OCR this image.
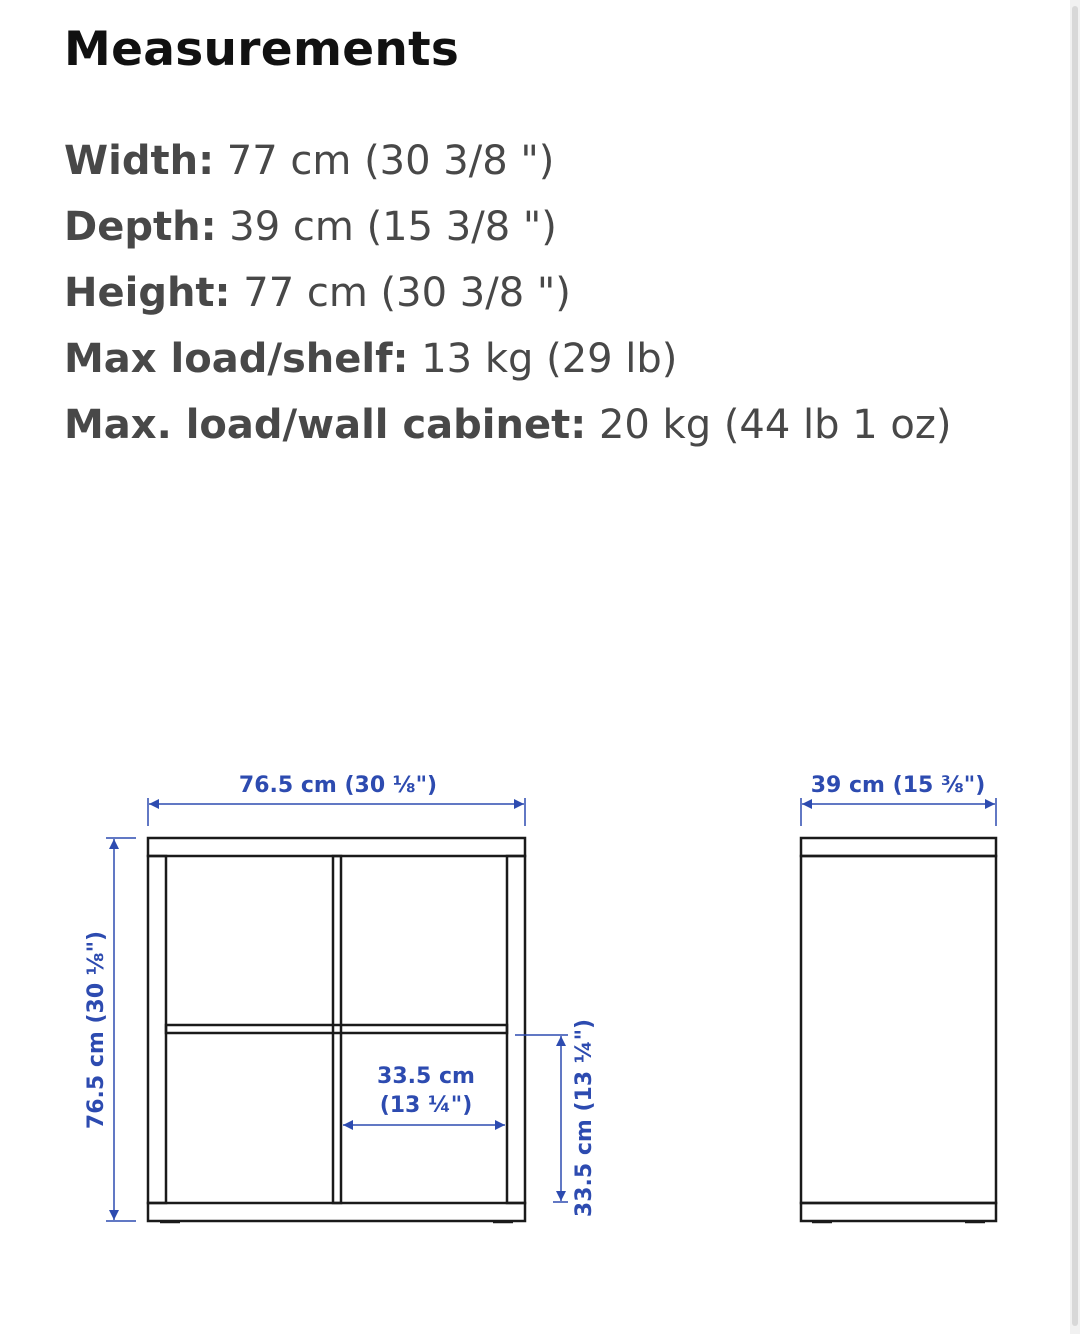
Measurements
Width: 77 cm (30 3/8 ")
Depth: 39 cm (15 3/8 ")
Height: 77 cm (30 3/8 ")
Max load/shelf: 13 kg (29 lb)
Max. load/wall cabinet: 20 kg (44 lb 1 oz)
76.5 cm (30 ⅛")
76.5 cm (30 ⅛")	33.5 cm
(13 ¼")	33.5 cm (13 ¼")
39 cm (15 ⅜")
